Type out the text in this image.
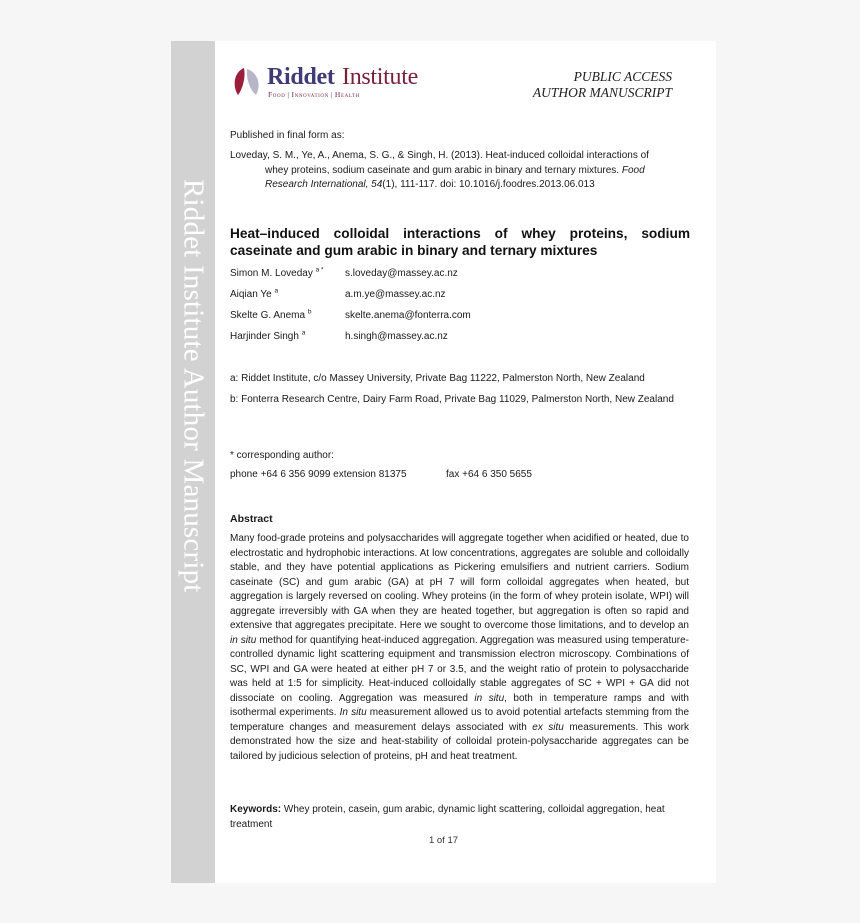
Riddet Institute Author Manuscript
Riddet Institute
Food | Innovation | Health
PUBLIC ACCESS
AUTHOR MANUSCRIPT
Published in final form as:
Loveday, S. M., Ye, A., Anema, S. G., & Singh, H. (2013). Heat-induced colloidal interactions of
whey proteins, sodium caseinate and gum arabic in binary and ternary mixtures. Food
Research International, 54(1), 111-117. doi: 10.1016/j.foodres.2013.06.013
Heat–induced colloidal interactions of whey proteins, sodium caseinate and gum arabic in binary and ternary mixtures
Simon M. Loveday $^{a *}$ s.loveday@massey.ac.nz
Aiqian Ye $^a$	a.m.ye@massey.ac.nz
Skelte G. Anema $^b$	skelte.anema@fonterra.com
Harjinder Singh $^a$	h.singh@massey.ac.nz
a: Riddet Institute, c/o Massey University, Private Bag 11222, Palmerston North, New Zealand
b: Fonterra Research Centre, Dairy Farm Road, Private Bag 11029, Palmerston North, New Zealand
* corresponding author:
phone +64 6 356 9099 extension 81375	fax +64 6 350 5655
Abstract
Many food-grade proteins and polysaccharides will aggregate together when acidified or heated, due to electrostatic and hydrophobic interactions. At low concentrations, aggregates are soluble and colloidally stable, and they have potential applications as Pickering emulsifiers and nutrient carriers. Sodium caseinate (SC) and gum arabic (GA) at pH 7 will form colloidal aggregates when heated, but aggregation is largely reversed on cooling. Whey proteins (in the form of whey protein isolate, WPI) will aggregate irreversibly with GA when they are heated together, but aggregation is often so rapid and extensive that aggregates precipitate. Here we sought to overcome those limitations, and to develop an in situ method for quantifying heat-induced aggregation. Aggregation was measured using temperature-controlled dynamic light scattering equipment and transmission electron microscopy. Combinations of SC, WPI and GA were heated at either pH 7 or 3.5, and the weight ratio of protein to polysaccharide was held at 1:5 for simplicity. Heat-induced colloidally stable aggregates of SC + WPI + GA did not dissociate on cooling. Aggregation was measured in situ, both in temperature ramps and with isothermal experiments. In situ measurement allowed us to avoid potential artefacts stemming from the temperature changes and measurement delays associated with ex situ measurements. This work demonstrated how the size and heat-stability of colloidal protein-polysaccharide aggregates can be tailored by judicious selection of proteins, pH and heat treatment.
Keywords: Whey protein, casein, gum arabic, dynamic light scattering, colloidal aggregation, heat treatment
1 of 17
